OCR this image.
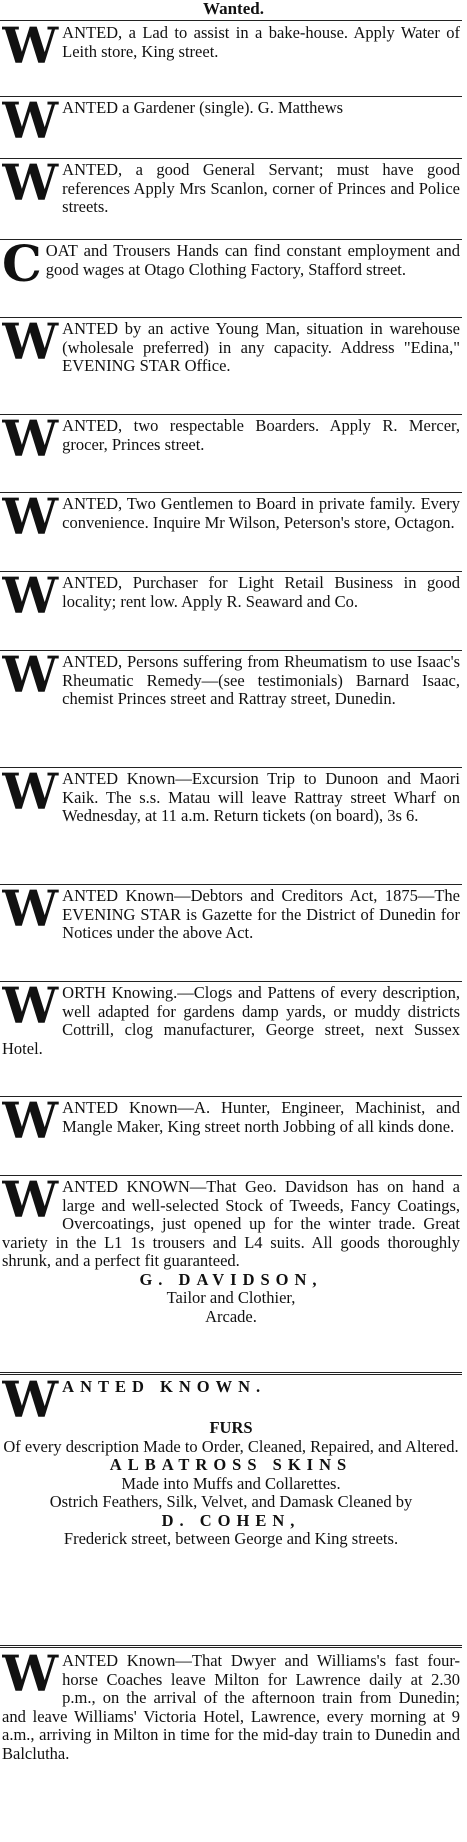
Wanted.
W ANTED, a Lad to assist in a bake-house. Apply Water of Leith store, King street.

W ANTED a Gardener (single). G. Matthews

W ANTED, a good General Servant; must have good references Apply Mrs Scanlon, corner of Princes and Police streets.

C OAT and Trousers Hands can find constant employment and good wages at Otago Clothing Factory, Stafford street.

W ANTED by an active Young Man, situation in warehouse (wholesale preferred) in any capacity. Address "Edina," EVENING STAR Office.

W ANTED, two respectable Boarders. Apply R. Mercer, grocer, Princes street.

W ANTED, Two Gentlemen to Board in private family. Every convenience. Inquire Mr Wilson, Peterson's store, Octagon.

W ANTED, Purchaser for Light Retail Business in good locality; rent low. Apply R. Seaward and Co.

W ANTED, Persons suffering from Rheumatism to use Isaac's Rheumatic Remedy—(see testimonials) Barnard Isaac, chemist Princes street and Rattray street, Dunedin.

W ANTED Known—Excursion Trip to Dunoon and Maori Kaik. The s.s. Matau will leave Rattray street Wharf on Wednesday, at 11 a.m. Return tickets (on board), 3s 6.

W ANTED Known—Debtors and Creditors Act, 1875—The EVENING STAR is Gazette for the District of Dunedin for Notices under the above Act.

W ORTH Knowing.—Clogs and Pattens of every description, well adapted for gardens damp yards, or muddy districts Cottrill, clog manufacturer, George street, next Sussex Hotel.

W ANTED Known—A. Hunter, Engineer, Machinist, and Mangle Maker, King street north Jobbing of all kinds done.

W ANTED KNOWN—That Geo. Davidson has on hand a large and well-selected Stock of Tweeds, Fancy Coatings, Overcoatings, just opened up for the winter trade. Great variety in the L1 1s trousers and L4 suits. All goods thoroughly shrunk, and a perfect fit guaranteed.

G. DAVIDSON,

Tailor and Clothier,

Arcade.

W ANTED KNOWN.

FURS

Of every description Made to Order, Cleaned, Repaired, and Altered.

ALBATROSS SKINS

Made into Muffs and Collarettes.

Ostrich Feathers, Silk, Velvet, and Damask Cleaned by

D. COHEN,

Frederick street, between George and King streets.

W ANTED Known—That Dwyer and Williams's fast four-horse Coaches leave Milton for Lawrence daily at 2.30 p.m., on the arrival of the afternoon train from Dunedin; and leave Williams' Victoria Hotel, Lawrence, every morning at 9 a.m., arriving in Milton in time for the mid-day train to Dunedin and Balclutha.
